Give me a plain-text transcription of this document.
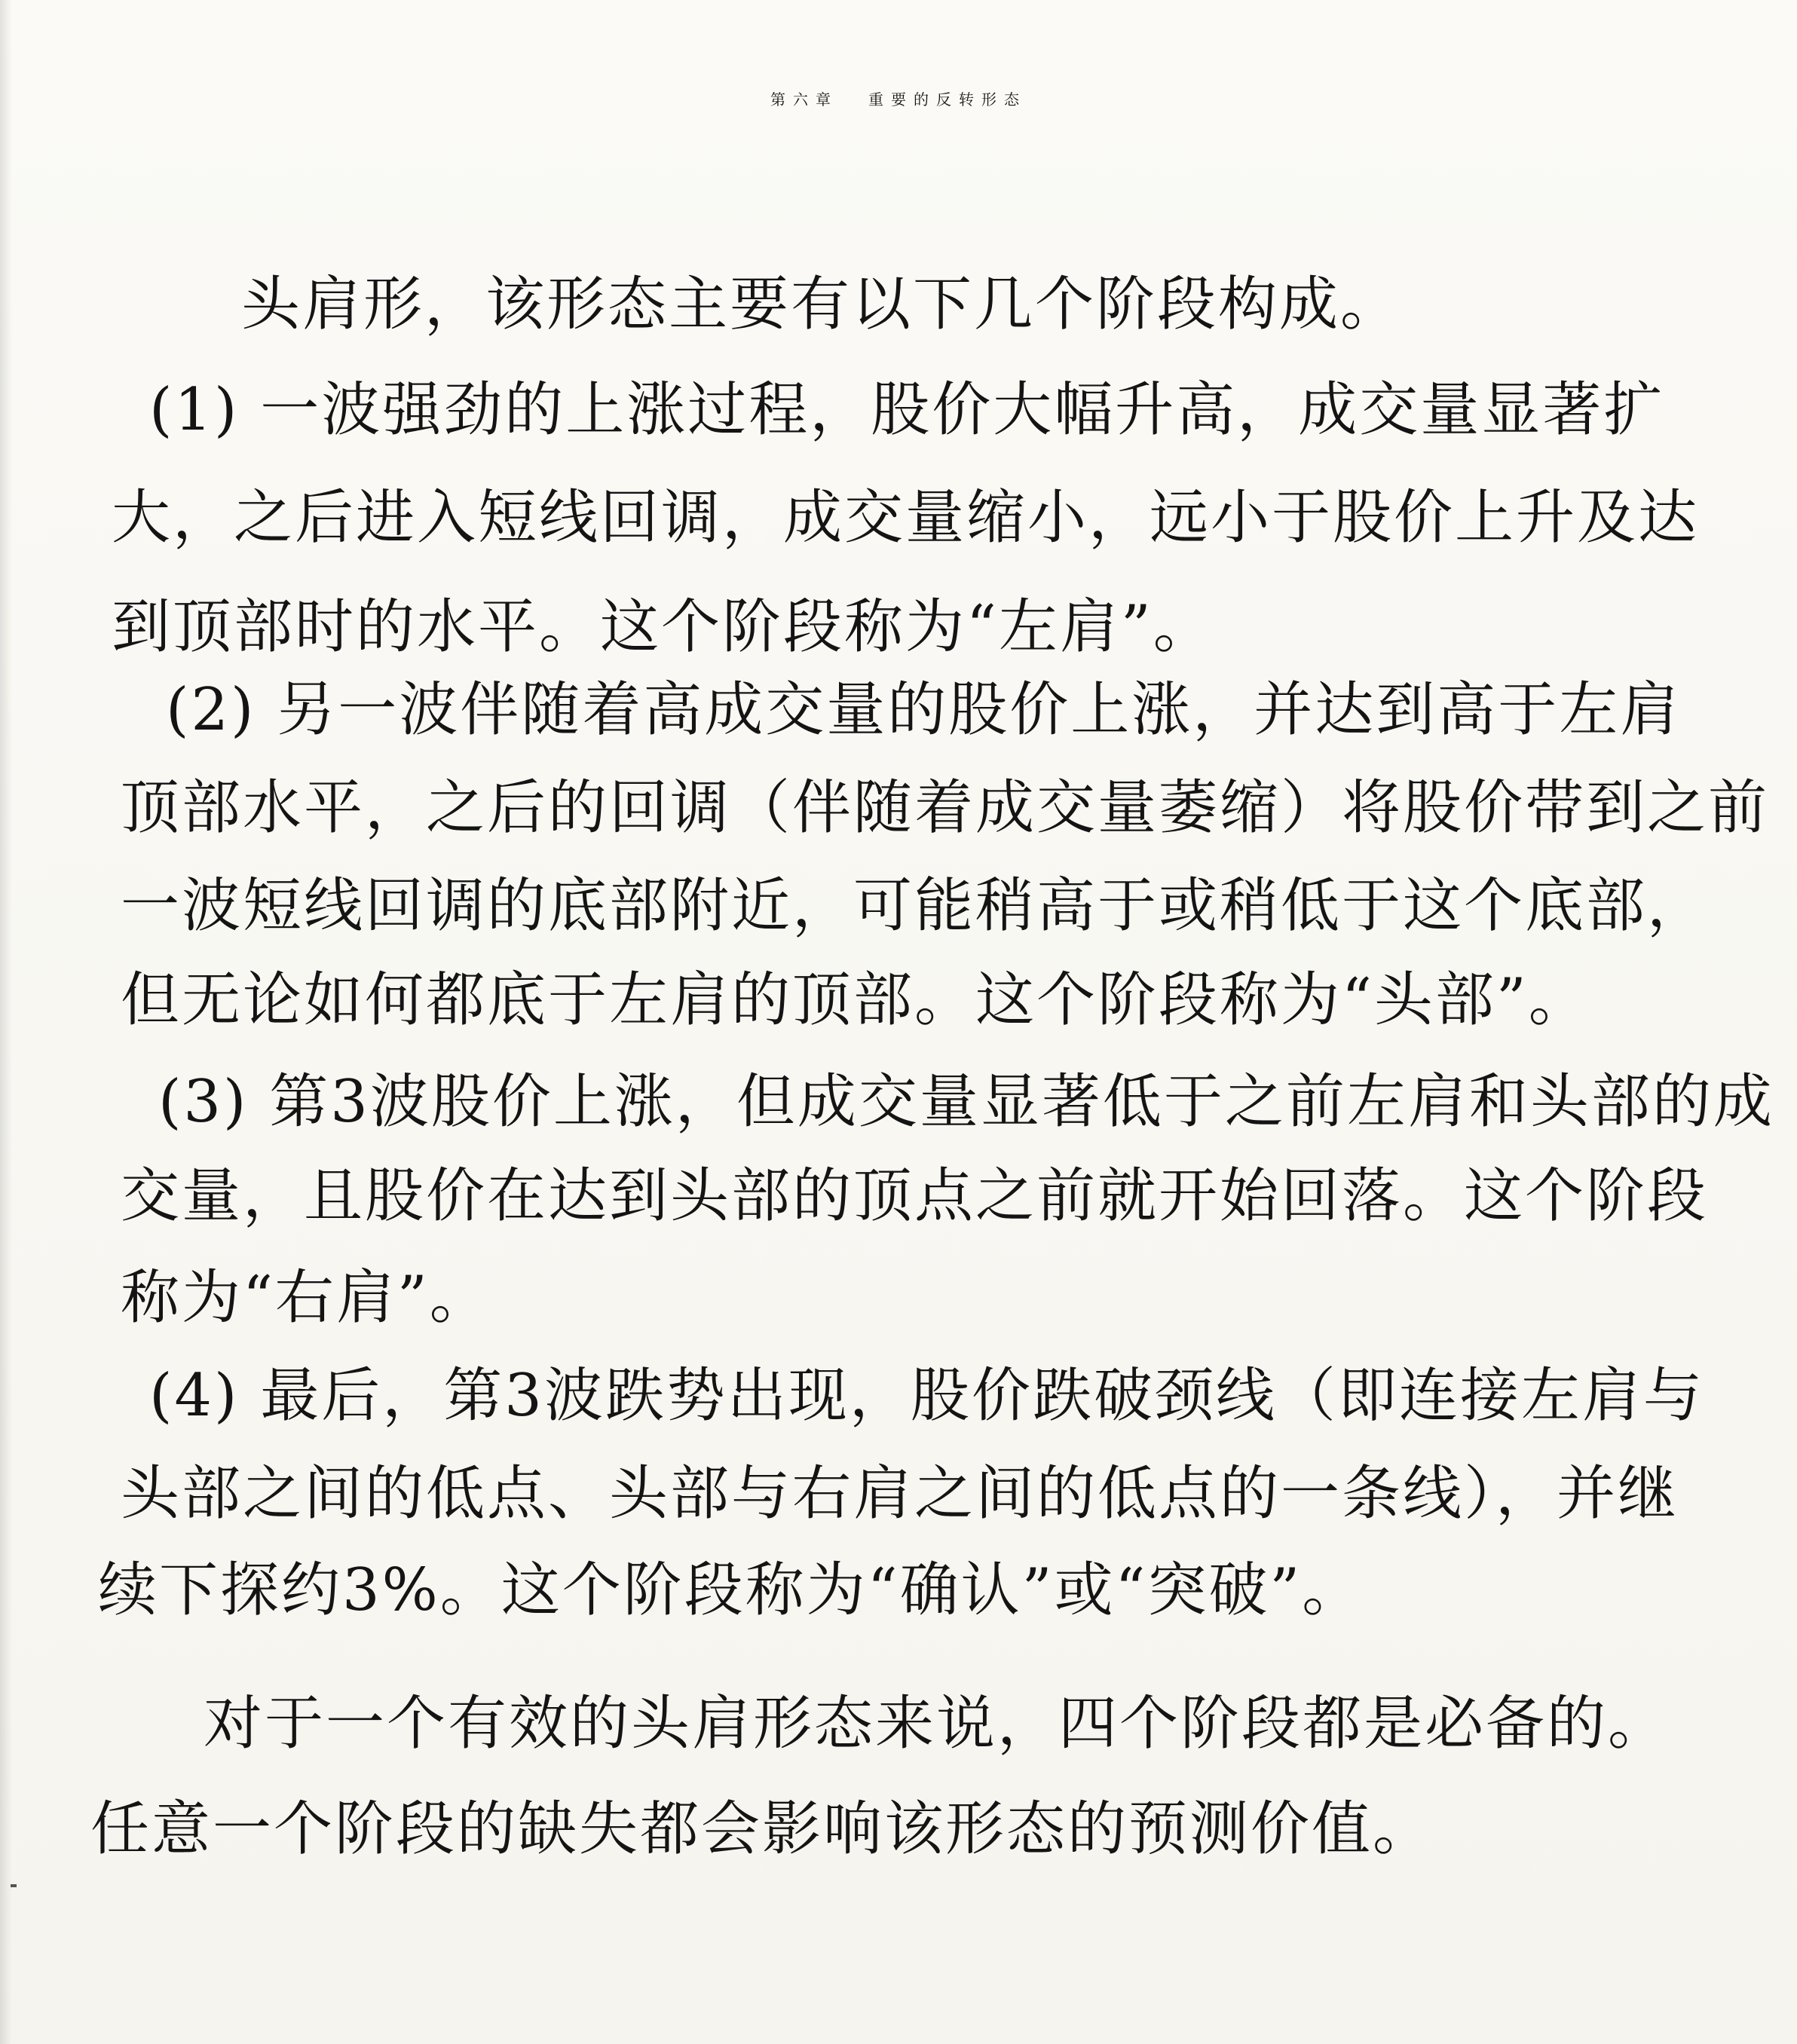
第六章 重要的反转形态
头肩形，该形态主要有以下几个阶段构成。
(1) 一波强劲的上涨过程，股价大幅升高，成交量显著扩
大，之后进入短线回调，成交量缩小，远小于股价上升及达
到顶部时的水平。这个阶段称为“左肩”。
(2) 另一波伴随着高成交量的股价上涨，并达到高于左肩
顶部水平，之后的回调（伴随着成交量萎缩）将股价带到之前
一波短线回调的底部附近，可能稍高于或稍低于这个底部，
但无论如何都底于左肩的顶部。这个阶段称为“头部”。
(3) 第3波股价上涨，但成交量显著低于之前左肩和头部的成
交量，且股价在达到头部的顶点之前就开始回落。这个阶段
称为“右肩”。
(4) 最后，第3波跌势出现，股价跌破颈线（即连接左肩与
头部之间的低点、头部与右肩之间的低点的一条线），并继
续下探约3%。这个阶段称为“确认”或“突破”。
对于一个有效的头肩形态来说，四个阶段都是必备的。
任意一个阶段的缺失都会影响该形态的预测价值。
